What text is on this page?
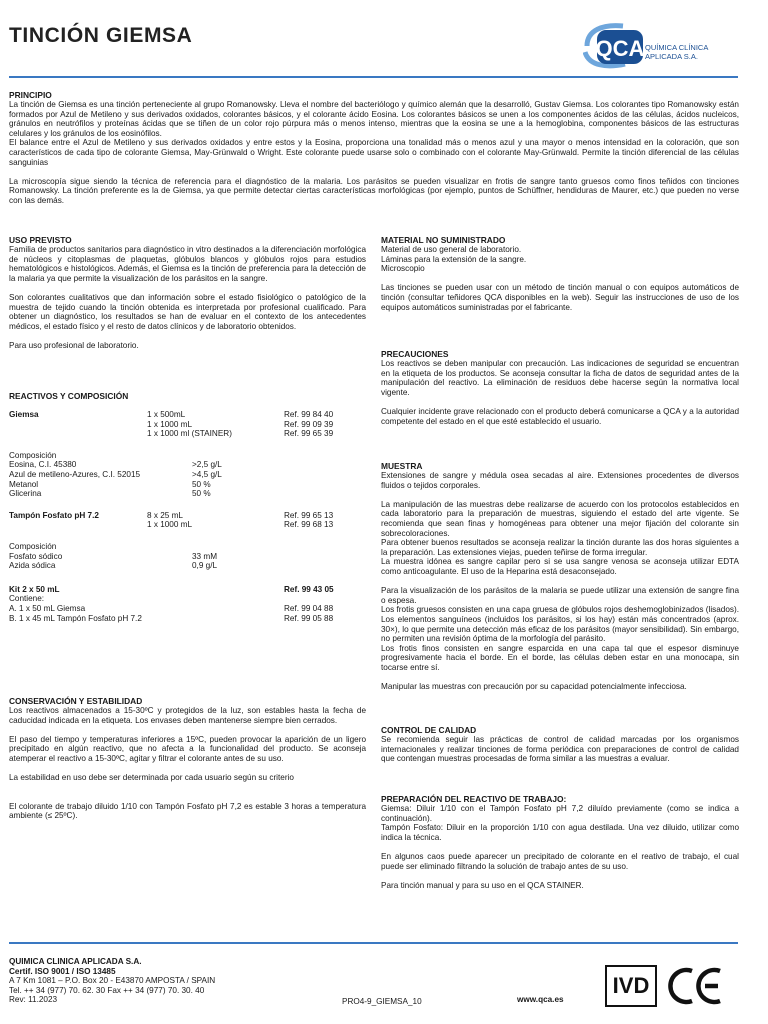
TINCIÓN GIEMSA
QCA QUÍMICA CLÍNICA
APLICADA S.A.
PRINCIPIO

La tinción de Giemsa es una tinción perteneciente al grupo Romanowsky. Lleva el nombre del bacteriólogo y químico alemán que la desarrolló, Gustav Giemsa. Los colorantes tipo Romanowsky están formados por Azul de Metileno y sus derivados oxidados, colorantes básicos, y el colorante ácido Eosina. Los colorantes básicos se unen a los componentes ácidos de las células, ácidos nucleicos, gránulos en neutrófilos y proteínas ácidas que se tiñen de un color rojo púrpura más o menos intenso, mientras que la eosina se une a la hemoglobina, componentes básicos de las estructuras celulares y los gránulos de los eosinófilos.

El balance entre el Azul de Metileno y sus derivados oxidados y entre estos y la Eosina, proporciona una tonalidad más o menos azul y una mayor o menos intensidad en la coloración, que son característicos de cada tipo de colorante Giemsa, May-Grünwald o Wright. Este colorante puede usarse solo o combinado con el colorante May-Grünwald. Permite la tinción diferencial de las células sanguinias

La microscopía sigue siendo la técnica de referencia para el diagnóstico de la malaria. Los parásitos se pueden visualizar en frotis de sangre tanto gruesos como finos teñidos con tinciones Romanowsky. La tinción preferente es la de Giemsa, ya que permite detectar ciertas características morfológicas (por ejemplo, puntos de Schüffner, hendiduras de Maurer, etc.) que pueden no verse con las demás.

USO PREVISTO

Familia de productos sanitarios para diagnóstico in vitro destinados a la diferenciación morfológica de núcleos y citoplasmas de plaquetas, glóbulos blancos y glóbulos rojos para estudios hematológicos e histológicos. Además, el Giemsa es la tinción de preferencia para la detección de la malaria ya que permite la visualización de los parásitos en la sangre.

Son colorantes cualitativos que dan información sobre el estado fisiológico o patológico de la muestra de tejido cuando la tinción obtenida es interpretada por profesional cualificado. Para obtener un diagnóstico, los resultados se han de evaluar en el contexto de los antecedentes médicos, el estado físico y el resto de datos clínicos y de laboratorio obtenidos.

Para uso profesional de laboratorio.

REACTIVOS Y COMPOSICIÓN
Giemsa	1 x 500mL	Ref. 99 84 40
1 x 1000 mL	Ref. 99 09 39
1 x 1000 ml (STAINER)	Ref. 99 65 39
Composición
Eosina, C.I. 45380	>2,5 g/L
Azul de metileno-Azures, C.I. 52015	>4,5 g/L
Metanol	50 %
Glicerina	50 %
Tampón Fosfato pH 7.2	8 x 25 mL	Ref. 99 65 13
1 x 1000 mL	Ref. 99 68 13
Composición
Fosfato sódico	33 mM
Azida sódica	0,9 g/L
Kit 2 x 50 mL	Ref. 99 43 05
Contiene:
A. 1 x 50 mL Giemsa	Ref. 99 04 88
B. 1 x 45 mL Tampón Fosfato pH 7.2	Ref. 99 05 88
CONSERVACIÓN Y ESTABILIDAD

Los reactivos almacenados a 15-30ºC y protegidos de la luz, son estables hasta la fecha de caducidad indicada en la etiqueta. Los envases deben mantenerse siempre bien cerrados.

El paso del tiempo y temperaturas inferiores a 15ºC, pueden provocar la aparición de un ligero precipitado en algún reactivo, que no afecta a la funcionalidad del producto. Se aconseja atemperar el reactivo a 15-30ºC, agitar y filtrar el colorante antes de su uso.

La estabilidad en uso debe ser determinada por cada usuario según su criterio

El colorante de trabajo diluido 1/10 con Tampón Fosfato pH 7,2 es estable 3 horas a temperatura ambiente (≤ 25ºC).

MATERIAL NO SUMINISTRADO
Material de uso general de laboratorio.
Láminas para la extensión de la sangre.
Microscopio

Las tinciones se pueden usar con un método de tinción manual o con equipos automáticos de tinción (consultar teñidores QCA disponibles en la web). Seguir las instrucciones de uso de los equipos automáticos suministradas por el fabricante.

PRECAUCIONES

Los reactivos se deben manipular con precaución. Las indicaciones de seguridad se encuentran en la etiqueta de los productos. Se aconseja consultar la ficha de datos de seguridad antes de la manipulación del reactivo. La eliminación de residuos debe hacerse según la normativa local vigente.

Cualquier incidente grave relacionado con el producto deberá comunicarse a QCA y a la autoridad competente del estado en el que esté establecido el usuario.

MUESTRA

Extensiones de sangre y médula osea secadas al aire. Extensiones procedentes de diversos fluidos o tejidos corporales.

La manipulación de las muestras debe realizarse de acuerdo con los protocolos establecidos en cada laboratorio para la preparación de muestras, siguiendo el estado del arte vigente. Se recomienda que sean finas y homogéneas para obtener una mejor fijación del colorante sin sobrecoloraciones.

Para obtener buenos resultados se aconseja realizar la tinción durante las dos horas siguientes a la preparación. Las extensiones viejas, pueden teñirse de forma irregular.

La muestra idónea es sangre capilar pero si se usa sangre venosa se aconseja utilizar EDTA como anticoagulante. El uso de la Heparina está desaconsejado.

Para la visualización de los parásitos de la malaria se puede utilizar una extensión de sangre fina o espesa.

Los frotis gruesos consisten en una capa gruesa de glóbulos rojos deshemoglobinizados (lisados). Los elementos sanguíneos (incluidos los parásitos, si los hay) están más concentrados (aprox. 30×), lo que permite una detección más eficaz de los parásitos (mayor sensibilidad). Sin embargo, no permiten una revisión óptima de la morfología del parásito.

Los frotis finos consisten en sangre esparcida en una capa tal que el espesor disminuye progresivamente hacia el borde. En el borde, las células deben estar en una monocapa, sin tocarse entre sí.

Manipular las muestras con precaución por su capacidad potencialmente infecciosa.

CONTROL DE CALIDAD

Se recomienda seguir las prácticas de control de calidad marcadas por los organismos internacionales y realizar tinciones de forma periódica con preparaciones de control de calidad que contengan muestras procesadas de forma similar a las muestras a evaluar.

PREPARACIÓN DEL REACTIVO DE TRABAJO:

Giemsa: Diluir 1/10 con el Tampón Fosfato pH 7,2 diluído previamente (como se indica a continuación).

Tampón Fosfato: Diluir en la proporción 1/10 con agua destilada. Una vez diluido, utilizar como indica la técnica.

En algunos caos puede aparecer un precipitado de colorante en el reativo de trabajo, el cual puede ser eliminado filtrando la solución de trabajo antes de su uso.

Para tinción manual y para su uso en el QCA STAINER.

QUIMICA CLINICA APLICADA S.A.
Certif. ISO 9001 / ISO 13485
A 7 Km 1081 – P.O. Box 20 - E43870 AMPOSTA / SPAIN
Tel. ++ 34 (977) 70. 62. 30 Fax ++ 34 (977) 70. 30. 40
Rev: 11.2023	PRO4-9_GIEMSA_10	www.qca.es
IVD
